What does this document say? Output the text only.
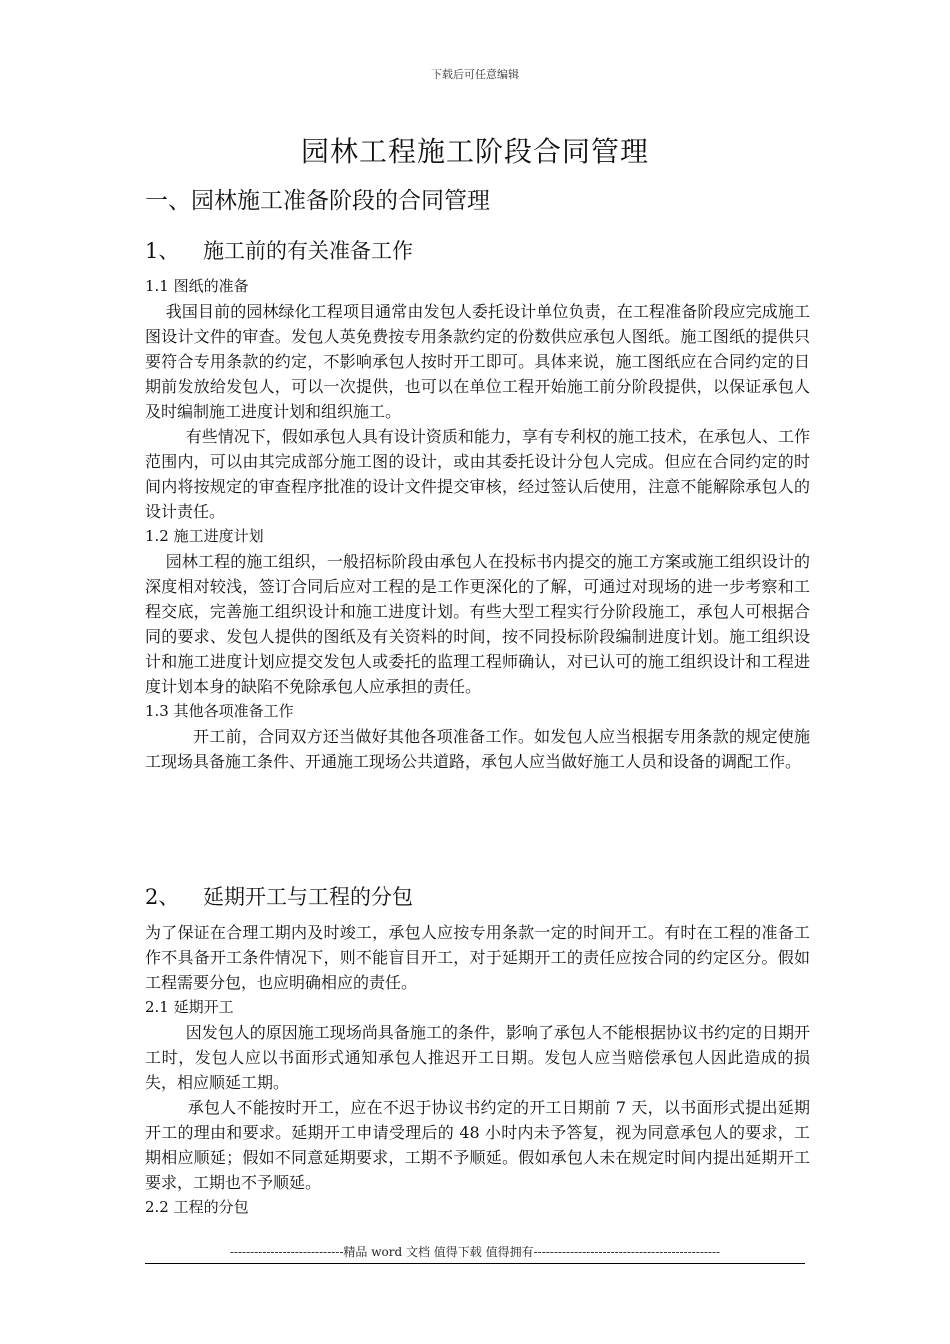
下载后可任意编辑
园林工程施工阶段合同管理
一、园林施工准备阶段的合同管理
1、 施工前的有关准备工作

1.1 图纸的准备

我国目前的园林绿化工程项目通常由发包人委托设计单位负责，在工程准备阶段应完成施工图设计文件的审查。发包人英免费按专用条款约定的份数供应承包人图纸。施工图纸的提供只要符合专用条款的约定，不影响承包人按时开工即可。具体来说，施工图纸应在合同约定的日期前发放给发包人，可以一次提供，也可以在单位工程开始施工前分阶段提供，以保证承包人及时编制施工进度计划和组织施工。

有些情况下，假如承包人具有设计资质和能力，享有专利权的施工技术，在承包人、工作范围内，可以由其完成部分施工图的设计，或由其委托设计分包人完成。但应在合同约定的时间内将按规定的审查程序批准的设计文件提交审核，经过签认后使用，注意不能解除承包人的设计责任。

1.2 施工进度计划

园林工程的施工组织，一般招标阶段由承包人在投标书内提交的施工方案或施工组织设计的深度相对较浅，签订合同后应对工程的是工作更深化的了解，可通过对现场的进一步考察和工程交底，完善施工组织设计和施工进度计划。有些大型工程实行分阶段施工，承包人可根据合同的要求、发包人提供的图纸及有关资料的时间，按不同投标阶段编制进度计划。施工组织设计和施工进度计划应提交发包人或委托的监理工程师确认，对已认可的施工组织设计和工程进度计划本身的缺陷不免除承包人应承担的责任。

1.3 其他各项准备工作

开工前，合同双方还当做好其他各项准备工作。如发包人应当根据专用条款的规定使施工现场具备施工条件、开通施工现场公共道路，承包人应当做好施工人员和设备的调配工作。

2、 延期开工与工程的分包

为了保证在合理工期内及时竣工，承包人应按专用条款一定的时间开工。有时在工程的准备工作不具备开工条件情况下，则不能盲目开工，对于延期开工的责任应按合同的约定区分。假如工程需要分包，也应明确相应的责任。

2.1 延期开工

因发包人的原因施工现场尚具备施工的条件，影响了承包人不能根据协议书约定的日期开工时，发包人应以书面形式通知承包人推迟开工日期。发包人应当赔偿承包人因此造成的损失，相应顺延工期。

承包人不能按时开工，应在不迟于协议书约定的开工日期前 7 天，以书面形式提出延期开工的理由和要求。延期开工申请受理后的 48 小时内未予答复，视为同意承包人的要求，工期相应顺延；假如不同意延期要求，工期不予顺延。假如承包人未在规定时间内提出延期开工要求，工期也不予顺延。

2.2 工程的分包

----------------------------精品 word 文档 值得下载 值得拥有----------------------------------------------
